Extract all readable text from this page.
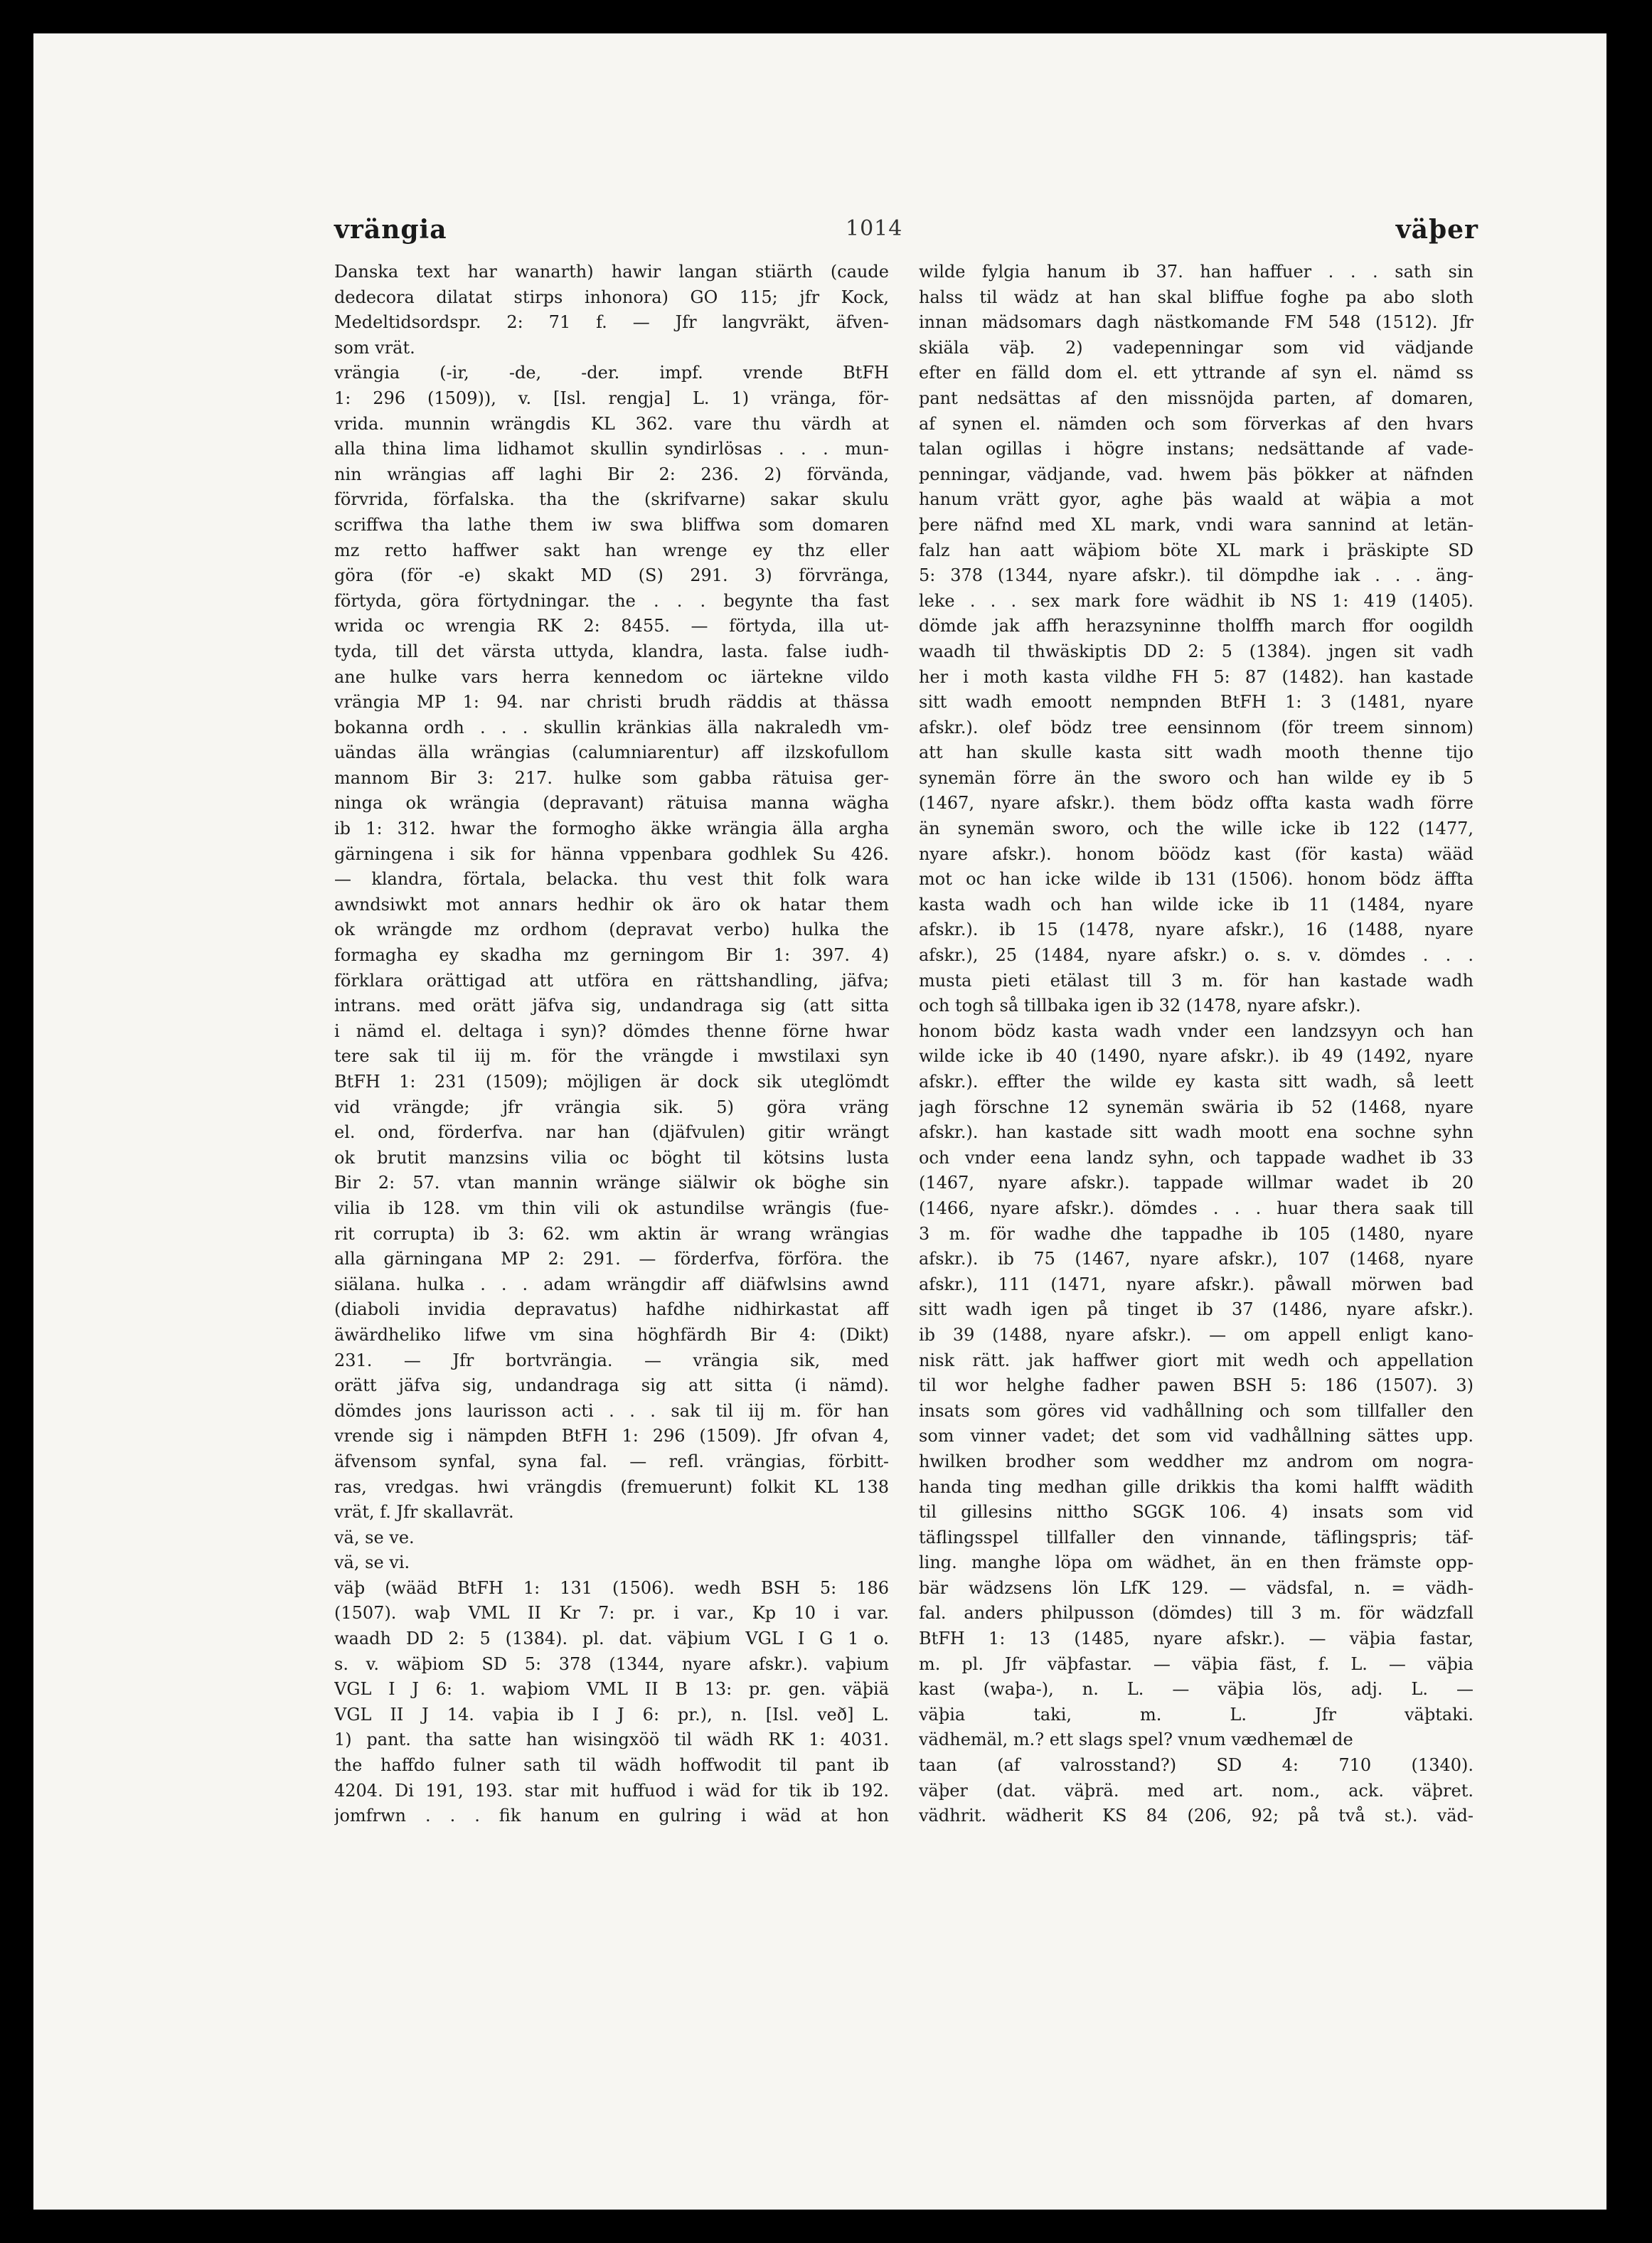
vrängia	1014	väþer
Danska text har wanarth) hawir langan stiärth (caude
dedecora dilatat stirps inhonora) GO 115; jfr Kock,
Medeltidsordspr. 2: 71 f. — Jfr langvräkt, äfven-
som vrät.
vrängia (-ir, -de, -der. impf. vrende BtFH
1: 296 (1509)), v. [Isl. rengja] L. 1) vränga, för-
vrida. munnin wrängdis KL 362. vare thu värdh at
alla thina lima lidhamot skullin syndirlösas . . . mun-
nin wrängias aff laghi Bir 2: 236. 2) förvända,
förvrida, förfalska. tha the (skrifvarne) sakar skulu
scriffwa tha lathe them iw swa bliffwa som domaren
mz retto haffwer sakt han wrenge ey thz eller
göra (för -e) skakt MD (S) 291. 3) förvränga,
förtyda, göra förtydningar. the . . . begynte tha fast
wrida oc wrengia RK 2: 8455. — förtyda, illa ut-
tyda, till det värsta uttyda, klandra, lasta. false iudh-
ane hulke vars herra kennedom oc iärtekne vildo
vrängia MP 1: 94. nar christi brudh räddis at thässa
bokanna ordh . . . skullin kränkias älla nakraledh vm-
uändas älla wrängias (calumniarentur) aff ilzskofullom
mannom Bir 3: 217. hulke som gabba rätuisa ger-
ninga ok wrängia (depravant) rätuisa manna wägha
ib 1: 312. hwar the formogho äkke wrängia älla argha
gärningena i sik for hänna vppenbara godhlek Su 426.
— klandra, förtala, belacka. thu vest thit folk wara
awndsiwkt mot annars hedhir ok äro ok hatar them
ok wrängde mz ordhom (depravat verbo) hulka the
formagha ey skadha mz gerningom Bir 1: 397. 4)
förklara orättigad att utföra en rättshandling, jäfva;
intrans. med orätt jäfva sig, undandraga sig (att sitta
i nämd el. deltaga i syn)? dömdes thenne förne hwar
tere sak til iij m. för the vrängde i mwstilaxi syn
BtFH 1: 231 (1509); möjligen är dock sik uteglömdt
vid vrängde; jfr vrängia sik. 5) göra vräng
el. ond, förderfva. nar han (djäfvulen) gitir wrängt
ok brutit manzsins vilia oc böght til kötsins lusta
Bir 2: 57. vtan mannin wrängе siälwir ok böghe sin
vilia ib 128. vm thin vili ok astundilse wrängis (fue-
rit corrupta) ib 3: 62. wm aktin är wrang wrängias
alla gärningana MP 2: 291. — förderfva, förföra. the
siälana. hulka . . . adam wrängdir aff diäfwlsins awnd
(diaboli invidia depravatus) hafdhe nidhirkastat aff
äwärdheliko lifwe vm sina höghfärdh Bir 4: (Dikt)
231. — Jfr bortvrängia. — vrängia sik, med
orätt jäfva sig, undandraga sig att sitta (i nämd).
dömdes jons laurisson acti . . . sak til iij m. för han
vrende sig i nämpden BtFH 1: 296 (1509). Jfr ofvan 4,
äfvensom synfal, syna fal. — refl. vrängias, förbitt-
ras, vredgas. hwi vrängdis (fremuerunt) folkit KL 138
vrät, f. Jfr skallavrät.
vä, se ve.
vä, se vi.
väþ (wääd BtFH 1: 131 (1506). wedh BSH 5: 186
(1507). waþ VML II Kr 7: pr. i var., Kp 10 i var.
waadh DD 2: 5 (1384). pl. dat. väþium VGL I G 1 o.
s. v. wäþiom SD 5: 378 (1344, nyare afskr.). vaþium
VGL I J 6: 1. waþiom VML II B 13: pr. gen. väþiä
VGL II J 14. vaþia ib I J 6: pr.), n. [Isl. veð] L.
1) pant. tha satte han wisingxöö til wädh RK 1: 4031.
the haffdo fulner sath til wädh hoffwodit til pant ib
4204. Di 191, 193. star mit huffuod i wäd for tik ib 192.
jomfrwn . . . fik hanum en gulring i wäd at hon
wilde fylgia hanum ib 37. han haffuer . . . sath sin
halss til wädz at han skal bliffue foghe pa abo sloth
innan mädsomars dagh nästkomande FM 548 (1512). Jfr
skiäla väþ. 2) vadepenningar som vid vädjande
efter en fälld dom el. ett yttrande af syn el. nämd ss
pant nedsättas af den missnöjda parten, af domaren,
af synen el. nämden och som förverkas af den hvars
talan ogillas i högre instans; nedsättande af vade-
penningar, vädjande, vad. hwem þäs þökker at näfnden
hanum vrätt gyor, aghe þäs waald at wäþia a mot
þere näfnd med XL mark, vndi wara sannind at letän-
falz han aatt wäþiom böte XL mark i þräskipte SD
5: 378 (1344, nyare afskr.). til dömpdhe iak . . . äng-
leke . . . sex mark fore wädhit ib NS 1: 419 (1405).
dömde jak affh herazsyninne tholffh march ffor oogildh
waadh til thwäskiptis DD 2: 5 (1384). jngen sit vadh
her i moth kasta vildhe FH 5: 87 (1482). han kastade
sitt wadh emoott nempnden BtFH 1: 3 (1481, nyare
afskr.). olef bödz tree eensinnom (för treem sinnom)
att han skulle kasta sitt wadh mooth thenne tijo
synemän förre än the sworo och han wilde ey ib 5
(1467, nyare afskr.). them bödz offta kasta wadh förre
än synemän sworo, och the wille icke ib 122 (1477,
nyare afskr.). honom böödz kast (för kasta) wääd
mot oc han icke wilde ib 131 (1506). honom bödz äffta
kasta wadh och han wilde icke ib 11 (1484, nyare
afskr.). ib 15 (1478, nyare afskr.), 16 (1488, nyare
afskr.), 25 (1484, nyare afskr.) o. s. v. dömdes . . .
musta pieti etälast till 3 m. för han kastade wadh
och togh så tillbaka igen ib 32 (1478, nyare afskr.).
honom bödz kasta wadh vnder een landzsyyn och han
wilde icke ib 40 (1490, nyare afskr.). ib 49 (1492, nyare
afskr.). effter the wilde ey kasta sitt wadh, så leett
jagh förschne 12 synemän swäria ib 52 (1468, nyare
afskr.). han kastade sitt wadh moott ena sochne syhn
och vnder eena landz syhn, och tappade wadhet ib 33
(1467, nyare afskr.). tappade willmar wadet ib 20
(1466, nyare afskr.). dömdes . . . huar thera saak till
3 m. för wadhe dhe tappadhe ib 105 (1480, nyare
afskr.). ib 75 (1467, nyare afskr.), 107 (1468, nyare
afskr.), 111 (1471, nyare afskr.). påwall mörwen bad
sitt wadh igen på tinget ib 37 (1486, nyare afskr.).
ib 39 (1488, nyare afskr.). — om appell enligt kano-
nisk rätt. jak haffwer giort mit wedh och appellation
til wor helghe fadher pawen BSH 5: 186 (1507). 3)
insats som göres vid vadhållning och som tillfaller den
som vinner vadet; det som vid vadhållning sättes upp.
hwilken brodher som weddher mz androm om nogra-
handa ting medhan gille drikkis tha komi halfft wädith
til gillesins nittho SGGK 106. 4) insats som vid
täflingsspel tillfaller den vinnande, täflingspris; täf-
ling. manghe löpa om wädhet, än en then främste opp-
bär wädzsens lön LfK 129. — vädsfal, n. = vädh-
fal. anders philpusson (dömdes) till 3 m. för wädzfall
BtFH 1: 13 (1485, nyare afskr.). — väþia fastar,
m. pl. Jfr väþfastar. — väþia fäst, f. L. — väþia
kast (waþa-), n. L. — väþia lös, adj. L. —
väþia taki, m. L. Jfr väþtaki.
vädhemäl, m.? ett slags spel? vnum vædhemæl de
taan (af valrosstand?) SD 4: 710 (1340).
väþer (dat. väþrä. med art. nom., ack. väþret.
vädhrit. wädherit KS 84 (206, 92; på två st.). väd-
